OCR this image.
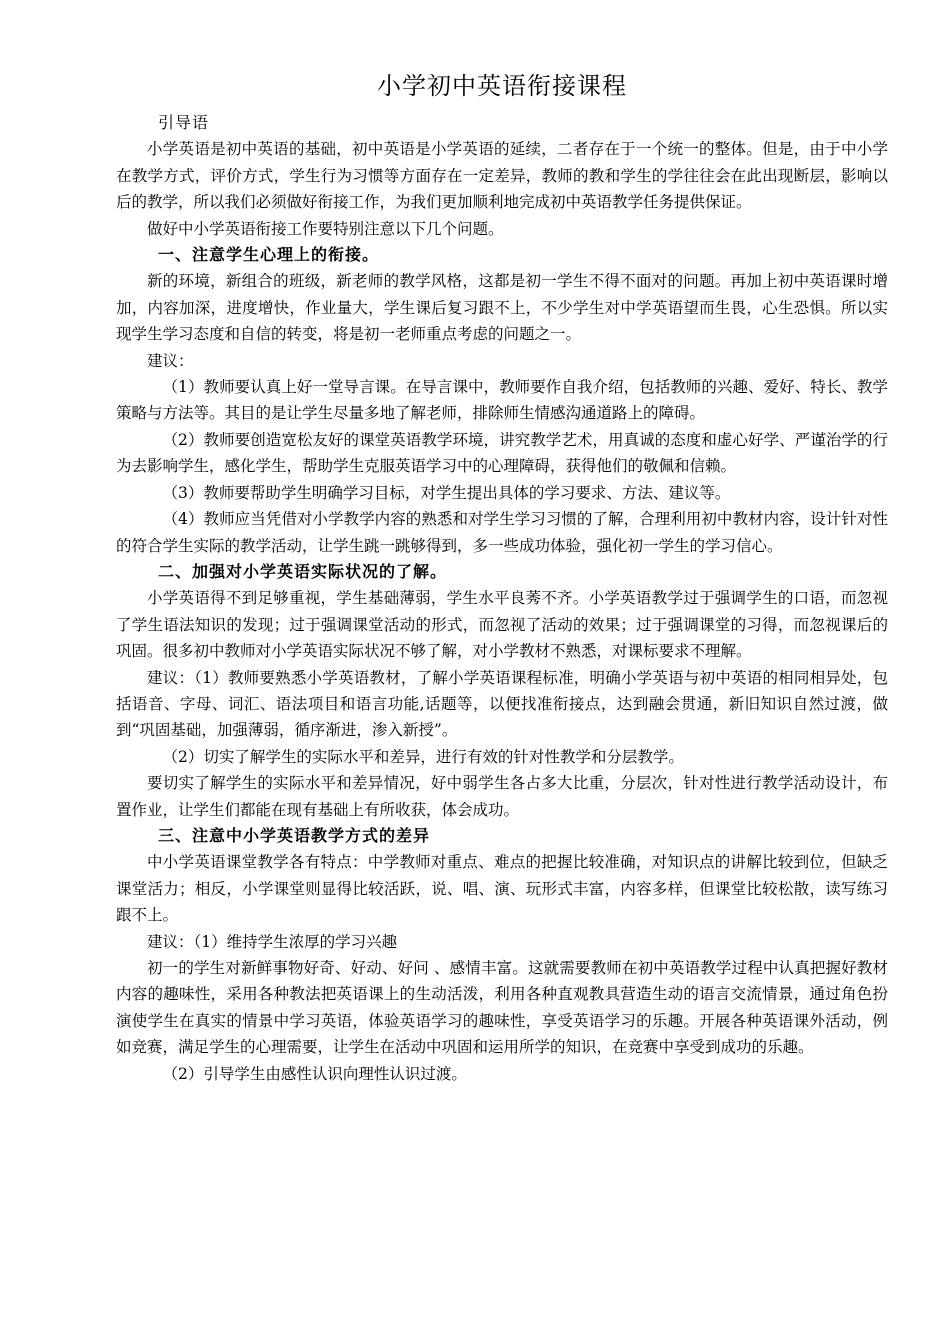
小学初中英语衔接课程

引导语

小学英语是初中英语的基础，初中英语是小学英语的延续，二者存在于一个统一的整体。但是，由于中小学在教学方式，评价方式，学生行为习惯等方面存在一定差异，教师的教和学生的学往往会在此出现断层，影响以后的教学，所以我们必须做好衔接工作，为我们更加顺利地完成初中英语教学任务提供保证。

做好中小学英语衔接工作要特别注意以下几个问题。

一、注意学生心理上的衔接。

新的环境，新组合的班级，新老师的教学风格，这都是初一学生不得不面对的问题。再加上初中英语课时增加，内容加深，进度增快，作业量大，学生课后复习跟不上，不少学生对中学英语望而生畏，心生恐惧。所以实现学生学习态度和自信的转变，将是初一老师重点考虑的问题之一。

建议：

（1）教师要认真上好一堂导言课。在导言课中，教师要作自我介绍，包括教师的兴趣、爱好、特长、教学策略与方法等。其目的是让学生尽量多地了解老师，排除师生情感沟通道路上的障碍。

（2）教师要创造宽松友好的课堂英语教学环境，讲究教学艺术，用真诚的态度和虚心好学、严谨治学的行为去影响学生，感化学生，帮助学生克服英语学习中的心理障碍，获得他们的敬佩和信赖。

（3）教师要帮助学生明确学习目标，对学生提出具体的学习要求、方法、建议等。

（4）教师应当凭借对小学教学内容的熟悉和对学生学习习惯的了解，合理利用初中教材内容，设计针对性的符合学生实际的教学活动，让学生跳一跳够得到，多一些成功体验，强化初一学生的学习信心。

二、加强对小学英语实际状况的了解。

小学英语得不到足够重视，学生基础薄弱，学生水平良莠不齐。小学英语教学过于强调学生的口语，而忽视了学生语法知识的发现；过于强调课堂活动的形式，而忽视了活动的效果；过于强调课堂的习得，而忽视课后的巩固。很多初中教师对小学英语实际状况不够了解，对小学教材不熟悉，对课标要求不理解。

建议：（1）教师要熟悉小学英语教材，了解小学英语课程标准，明确小学英语与初中英语的相同相异处，包括语音、字母、词汇、语法项目和语言功能,话题等，以便找准衔接点，达到融会贯通，新旧知识自然过渡，做到“巩固基础，加强薄弱，循序渐进，渗入新授”。

（2）切实了解学生的实际水平和差异，进行有效的针对性教学和分层教学。

要切实了解学生的实际水平和差异情况，好中弱学生各占多大比重，分层次，针对性进行教学活动设计，布置作业，让学生们都能在现有基础上有所收获，体会成功。

三、注意中小学英语教学方式的差异

中小学英语课堂教学各有特点：中学教师对重点、难点的把握比较准确，对知识点的讲解比较到位，但缺乏课堂活力；相反，小学课堂则显得比较活跃，说、唱、演、玩形式丰富，内容多样，但课堂比较松散，读写练习跟不上。

建议：（1）维持学生浓厚的学习兴趣

初一的学生对新鲜事物好奇、好动、好问 、感情丰富。这就需要教师在初中英语教学过程中认真把握好教材内容的趣味性，采用各种教法把英语课上的生动活泼，利用各种直观教具营造生动的语言交流情景，通过角色扮演使学生在真实的情景中学习英语，体验英语学习的趣味性，享受英语学习的乐趣。开展各种英语课外活动，例如竞赛，满足学生的心理需要，让学生在活动中巩固和运用所学的知识，在竞赛中享受到成功的乐趣。

（2）引导学生由感性认识向理性认识过渡。
